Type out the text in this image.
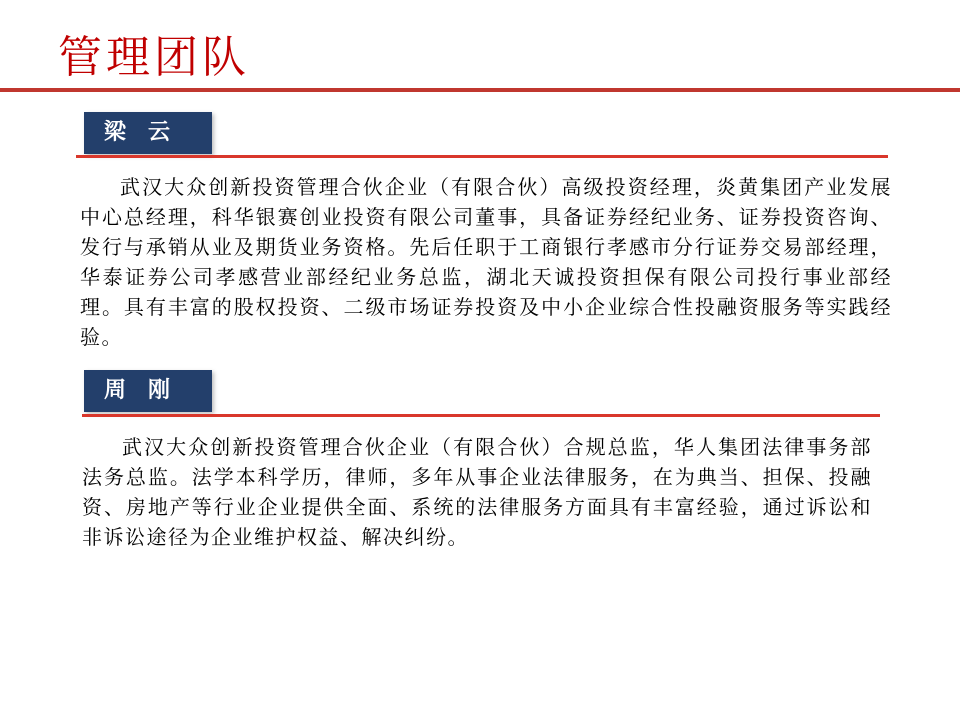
管理团队
梁云

武汉大众创新投资管理合伙企业（有限合伙）高级投资经理，炎黄集团产业发展中心总经理，科华银赛创业投资有限公司董事，具备证券经纪业务、证券投资咨询、发行与承销从业及期货业务资格。先后任职于工商银行孝感市分行证券交易部经理，华泰证券公司孝感营业部经纪业务总监，湖北天诚投资担保有限公司投行事业部经理。具有丰富的股权投资、二级市场证券投资及中小企业综合性投融资服务等实践经验。

周刚

武汉大众创新投资管理合伙企业（有限合伙）合规总监，华人集团法律事务部法务总监。法学本科学历，律师，多年从事企业法律服务，在为典当、担保、投融资、房地产等行业企业提供全面、系统的法律服务方面具有丰富经验，通过诉讼和非诉讼途径为企业维护权益、解决纠纷。
